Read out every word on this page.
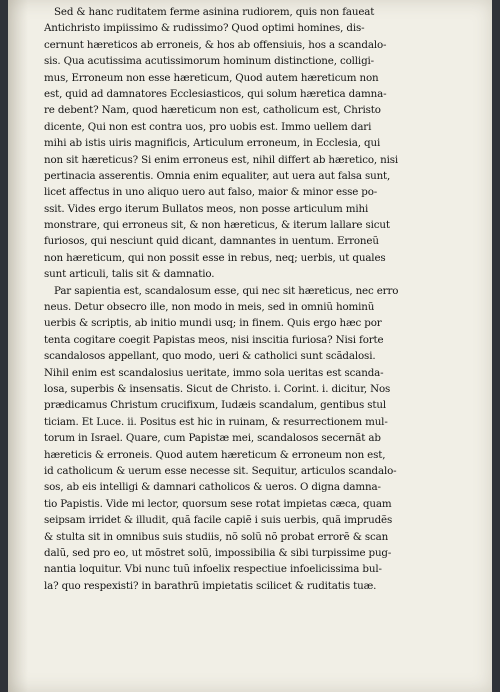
Sed & hanc ruditatem ferme asinina rudiorem, quis non faueat
Antichristo impiissimo & rudissimo? Quod optimi homines, dis-
cernunt hæreticos ab erroneis, & hos ab offensiuis, hos a scandalo-
sis. Qua acutissima acutissimorum hominum distinctione, colligi-
mus, Erroneum non esse hæreticum, Quod autem hæreticum non
est, quid ad damnatores Ecclesiasticos, qui solum hæretica damna-
re debent? Nam, quod hæreticum non est, catholicum est, Christo
dicente, Qui non est contra uos, pro uobis est. Immo uellem dari
mihi ab istis uiris magnificis, Articulum erroneum, in Ecclesia, qui
non sit hæreticus? Si enim erroneus est, nihil differt ab hæretico, nisi
pertinacia asserentis. Omnia enim equaliter, aut uera aut falsa sunt,
licet affectus in uno aliquo uero aut falso, maior & minor esse po-
ssit. Vides ergo iterum Bullatos meos, non posse articulum mihi
monstrare, qui erroneus sit, & non hæreticus, & iterum lallare sicut
furiosos, qui nesciunt quid dicant, damnantes in uentum. Erroneũ
non hæreticum, qui non possit esse in rebus, neq; uerbis, ut quales
sunt articuli, talis sit & damnatio.
Par sapientia est, scandalosum esse, qui nec sit hæreticus, nec erro
neus. Detur obsecro ille, non modo in meis, sed in omniũ hominũ
uerbis & scriptis, ab initio mundi usq; in finem. Quis ergo hæc por
tenta cogitare coegit Papistas meos, nisi inscitia furiosa? Nisi forte
scandalosos appellant, quo modo, ueri & catholici sunt scãdalosi.
Nihil enim est scandalosius ueritate, immo sola ueritas est scanda-
losa, superbis & insensatis. Sicut de Christo. i. Corint. i. dicitur, Nos
prædicamus Christum crucifixum, Iudæis scandalum, gentibus stul
ticiam. Et Luce. ii. Positus est hic in ruinam, & resurrectionem mul-
torum in Israel. Quare, cum Papistæ mei, scandalosos secernãt ab
hæreticis & erroneis. Quod autem hæreticum & erroneum non est,
id catholicum & uerum esse necesse sit. Sequitur, articulos scandalo-
sos, ab eis intelligi & damnari catholicos & ueros. O digna damna-
tio Papistis. Vide mi lector, quorsum sese rotat impietas cæca, quam
seipsam irridet & illudit, quã facile capiẽ i suis uerbis, quã imprudẽs
& stulta sit in omnibus suis studiis, nõ solũ nõ probat errorẽ & scan
dalũ, sed pro eo, ut mõstret solũ, impossibilia & sibi turpissime pug-
nantia loquitur. Vbi nunc tuũ infoelix respectiue infoelicissima bul-
la? quo respexisti? in barathrũ impietatis scilicet & ruditatis tuæ.
